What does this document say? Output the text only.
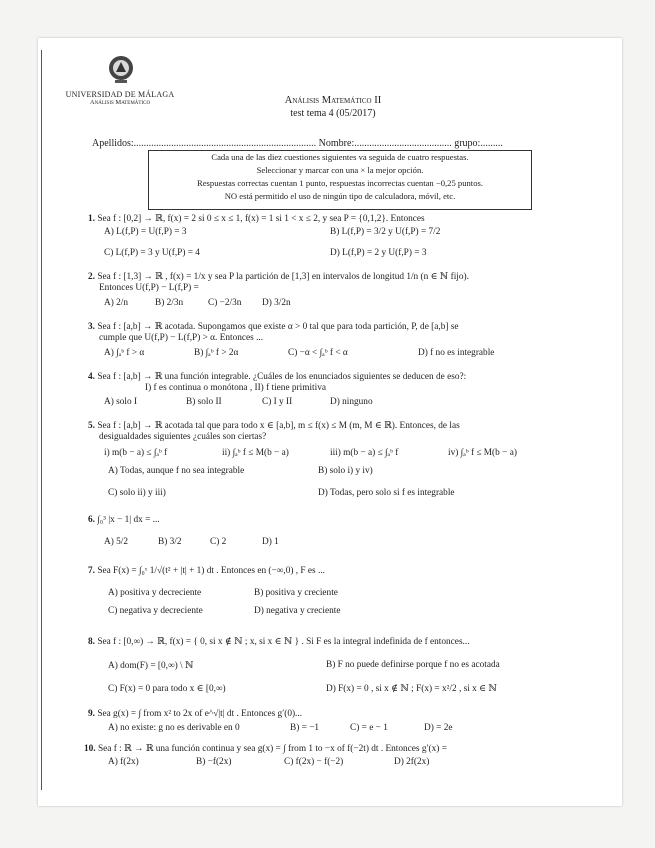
UNIVERSIDAD DE MÁLAGA
Análisis Matemático	Análisis Matemático II
test tema 4 (05/2017)
Apellidos:......................................................................... Nombre:....................................... grupo:.........
Cada una de las diez cuestiones siguientes va seguida de cuatro respuestas.
Seleccionar y marcar con una × la mejor opción.
Respuestas correctas cuentan 1 punto, respuestas incorrectas cuentan −0,25 puntos.
NO está permitido el uso de ningún tipo de calculadora, móvil, etc.
1. Sea f : [0,2] → ℝ, f(x) = 2 si 0 ≤ x ≤ 1, f(x) = 1 si 1 < x ≤ 2, y sea P = {0,1,2}. Entonces
A) L(f,P) = U(f,P) = 3	B) L(f,P) = 3/2 y U(f,P) = 7/2
C) L(f,P) = 3 y U(f,P) = 4	D) L(f,P) = 2 y U(f,P) = 3
2. Sea f : [1,3] → ℝ , f(x) = 1/x y sea P la partición de [1,3] en intervalos de longitud 1/n (n ∈ ℕ fijo).
Entonces U(f,P) − L(f,P) =
A) 2/n	B) 2/3n	C) −2/3n D) 3/2n
3. Sea f : [a,b] → ℝ acotada. Supongamos que existe α > 0 tal que para toda partición, P, de [a,b] se
cumple que U(f,P) − L(f,P) > α. Entonces ...
A) ∫ₐᵇ f > α	B) ∫ₐᵇ f > 2α	C) −α < ∫ₐᵇ f < α	D) f no es integrable
4. Sea f : [a,b] → ℝ una función integrable. ¿Cuáles de los enunciados siguientes se deducen de eso?:
I) f es continua o monótona , II) f tiene primitiva
A) solo I	B) solo II	C) I y II	D) ninguno
5. Sea f : [a,b] → ℝ acotada tal que para todo x ∈ [a,b], m ≤ f(x) ≤ M (m, M ∈ ℝ). Entonces, de las
desigualdades siguientes ¿cuáles son ciertas?
i) m(b − a) ≤ ∫ₐᵇ f	ii) ∫ₐᵇ f ≤ M(b − a)	iii) m(b − a) ≤ ∫ₐᵇ f	iv) ∫ₐᵇ f ≤ M(b − a)
A) Todas, aunque f no sea integrable	B) solo i) y iv)
C) solo ii) y iii)	D) Todas, pero solo si f es integrable
6. ∫₀³ |x − 1| dx = ...
A) 5/2	B) 3/2	C) 2	D) 1
7. Sea F(x) = ∫₀ˣ 1/√(t² + |t| + 1) dt . Entonces en (−∞,0) , F es ...
A) positiva y decreciente	B) positiva y creciente
C) negativa y decreciente	D) negativa y creciente
8. Sea f : [0,∞) → ℝ, f(x) = { 0, si x ∉ ℕ ; x, si x ∈ ℕ } . Si F es la integral indefinida de f entonces...
A) dom(F) = [0,∞) \ ℕ	B) F no puede definirse porque f no es acotada
C) F(x) = 0 para todo x ∈ [0,∞)	D) F(x) = 0 , si x ∉ ℕ ; F(x) = x²/2 , si x ∈ ℕ
9. Sea g(x) = ∫ from x² to 2x of e^√|t| dt . Entonces g′(0)...
A) no existe: g no es derivable en 0	B) = −1	C) = e − 1	D) = 2e
10. Sea f : ℝ → ℝ una función continua y sea g(x) = ∫ from 1 to −x of f(−2t) dt . Entonces g′(x) =
A) f(2x)	B) −f(2x)	C) f(2x) − f(−2)	D) 2f(2x)
